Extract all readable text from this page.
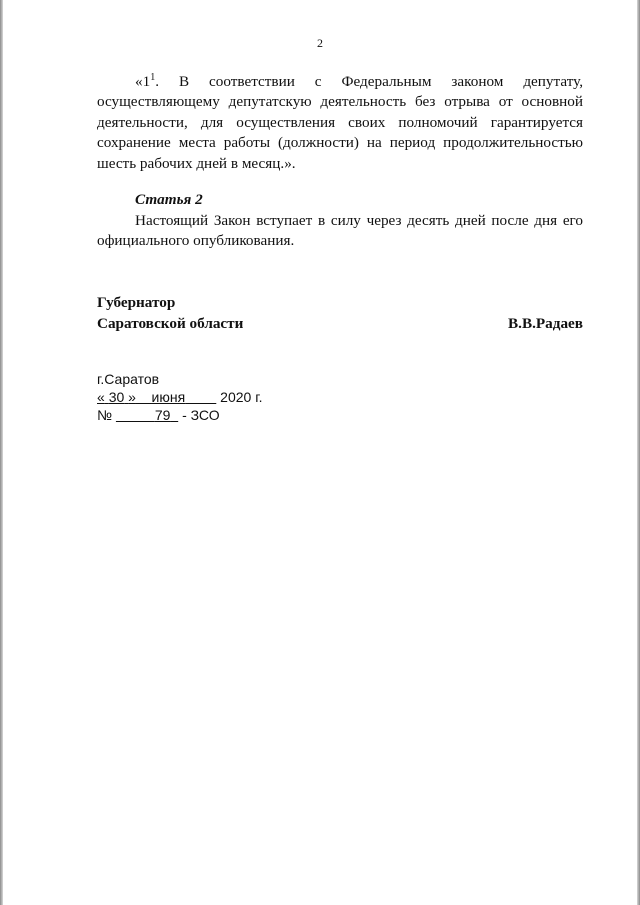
2

«$1^1$. В соответствии с Федеральным законом депутату, осуществляющему депутатскую деятельность без отрыва от основной деятельности, для осуществления своих полномочий гарантируется сохранение места работы (должности) на период продолжительностью шесть рабочих дней в месяц.».

Статья 2

Настоящий Закон вступает в силу через десять дней после дня его официального опубликования.

Губернатор
Саратовской области	В.В.Радаев
г.Саратов
« 30 » июня	2020 г.
№	79 - ЗСО
